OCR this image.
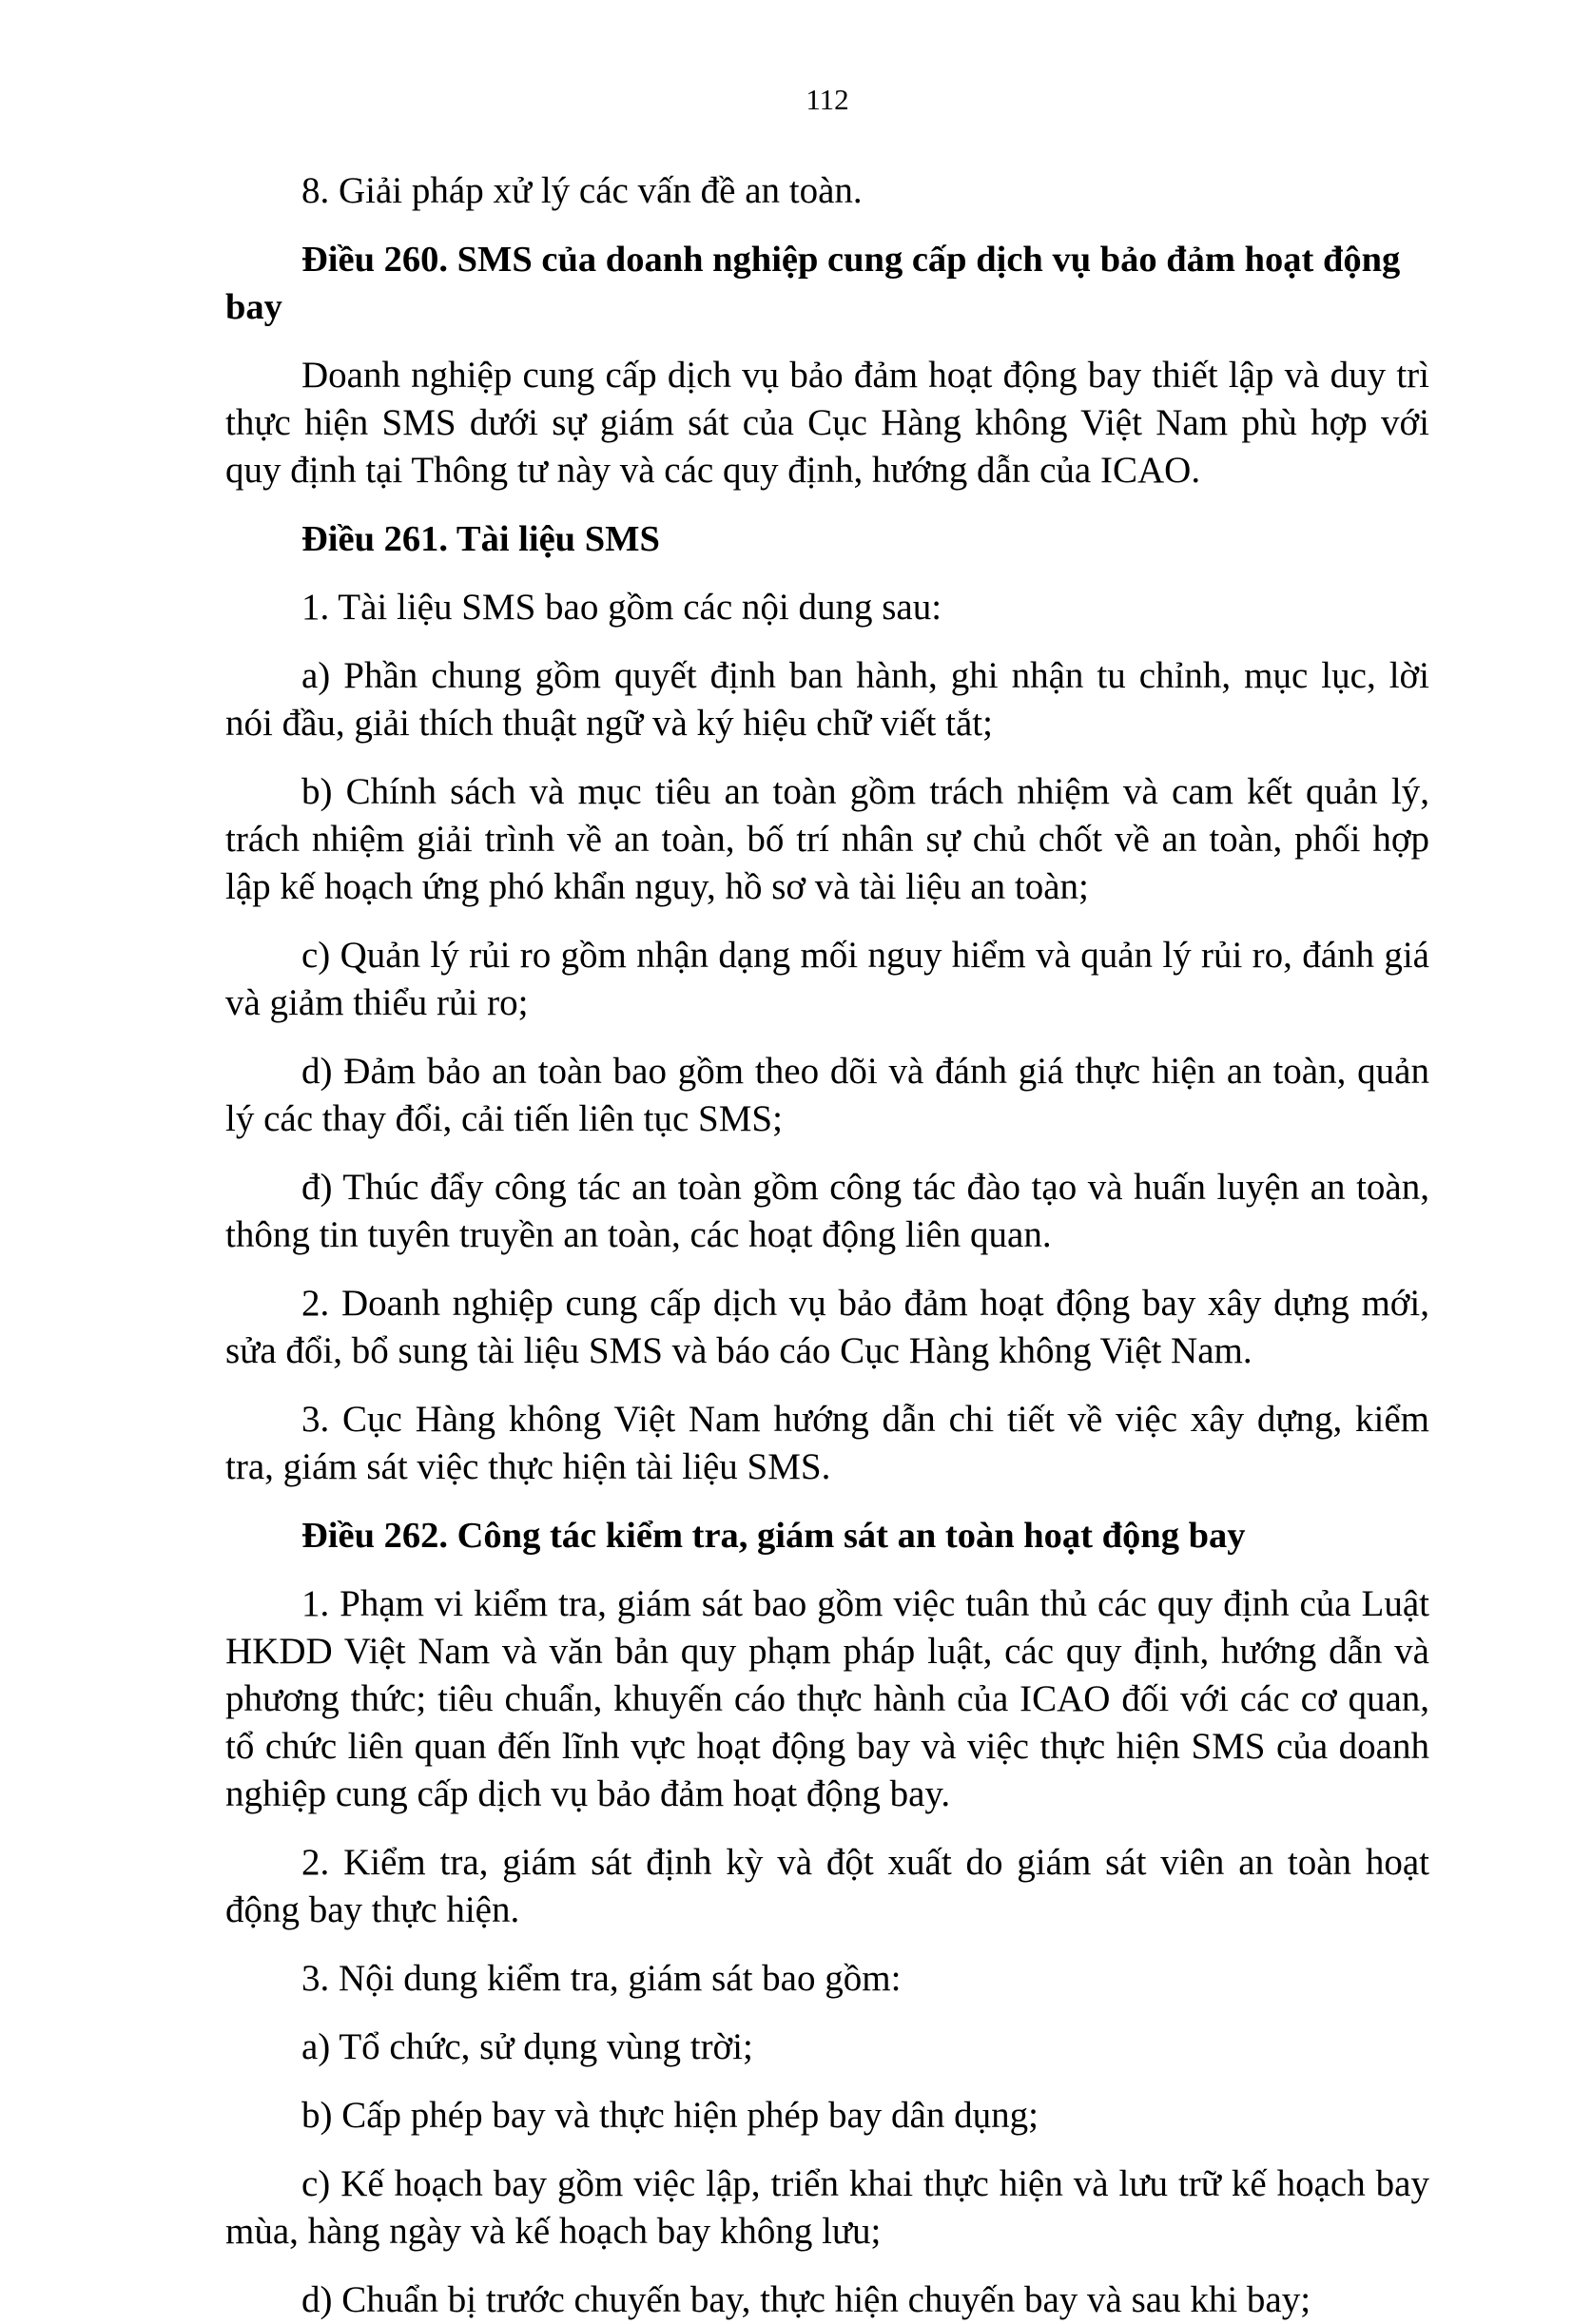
112

8. Giải pháp xử lý các vấn đề an toàn.

Điều 260. SMS của doanh nghiệp cung cấp dịch vụ bảo đảm hoạt động bay

Doanh nghiệp cung cấp dịch vụ bảo đảm hoạt động bay thiết lập và duy trì thực hiện SMS dưới sự giám sát của Cục Hàng không Việt Nam phù hợp với quy định tại Thông tư này và các quy định, hướng dẫn của ICAO.

Điều 261. Tài liệu SMS

1. Tài liệu SMS bao gồm các nội dung sau:

a) Phần chung gồm quyết định ban hành, ghi nhận tu chỉnh, mục lục, lời nói đầu, giải thích thuật ngữ và ký hiệu chữ viết tắt;

b) Chính sách và mục tiêu an toàn gồm trách nhiệm và cam kết quản lý, trách nhiệm giải trình về an toàn, bố trí nhân sự chủ chốt về an toàn, phối hợp lập kế hoạch ứng phó khẩn nguy, hồ sơ và tài liệu an toàn;

c) Quản lý rủi ro gồm nhận dạng mối nguy hiểm và quản lý rủi ro, đánh giá và giảm thiểu rủi ro;

d) Đảm bảo an toàn bao gồm theo dõi và đánh giá thực hiện an toàn, quản lý các thay đổi, cải tiến liên tục SMS;

đ) Thúc đẩy công tác an toàn gồm công tác đào tạo và huấn luyện an toàn, thông tin tuyên truyền an toàn, các hoạt động liên quan.

2. Doanh nghiệp cung cấp dịch vụ bảo đảm hoạt động bay xây dựng mới, sửa đổi, bổ sung tài liệu SMS và báo cáo Cục Hàng không Việt Nam.

3. Cục Hàng không Việt Nam hướng dẫn chi tiết về việc xây dựng, kiểm tra, giám sát việc thực hiện tài liệu SMS.

Điều 262. Công tác kiểm tra, giám sát an toàn hoạt động bay

1. Phạm vi kiểm tra, giám sát bao gồm việc tuân thủ các quy định của Luật HKDD Việt Nam và văn bản quy phạm pháp luật, các quy định, hướng dẫn và phương thức; tiêu chuẩn, khuyến cáo thực hành của ICAO đối với các cơ quan, tổ chức liên quan đến lĩnh vực hoạt động bay và việc thực hiện SMS của doanh nghiệp cung cấp dịch vụ bảo đảm hoạt động bay.

2. Kiểm tra, giám sát định kỳ và đột xuất do giám sát viên an toàn hoạt động bay thực hiện.

3. Nội dung kiểm tra, giám sát bao gồm:

a) Tổ chức, sử dụng vùng trời;

b) Cấp phép bay và thực hiện phép bay dân dụng;

c) Kế hoạch bay gồm việc lập, triển khai thực hiện và lưu trữ kế hoạch bay mùa, hàng ngày và kế hoạch bay không lưu;

d) Chuẩn bị trước chuyến bay, thực hiện chuyến bay và sau khi bay;
